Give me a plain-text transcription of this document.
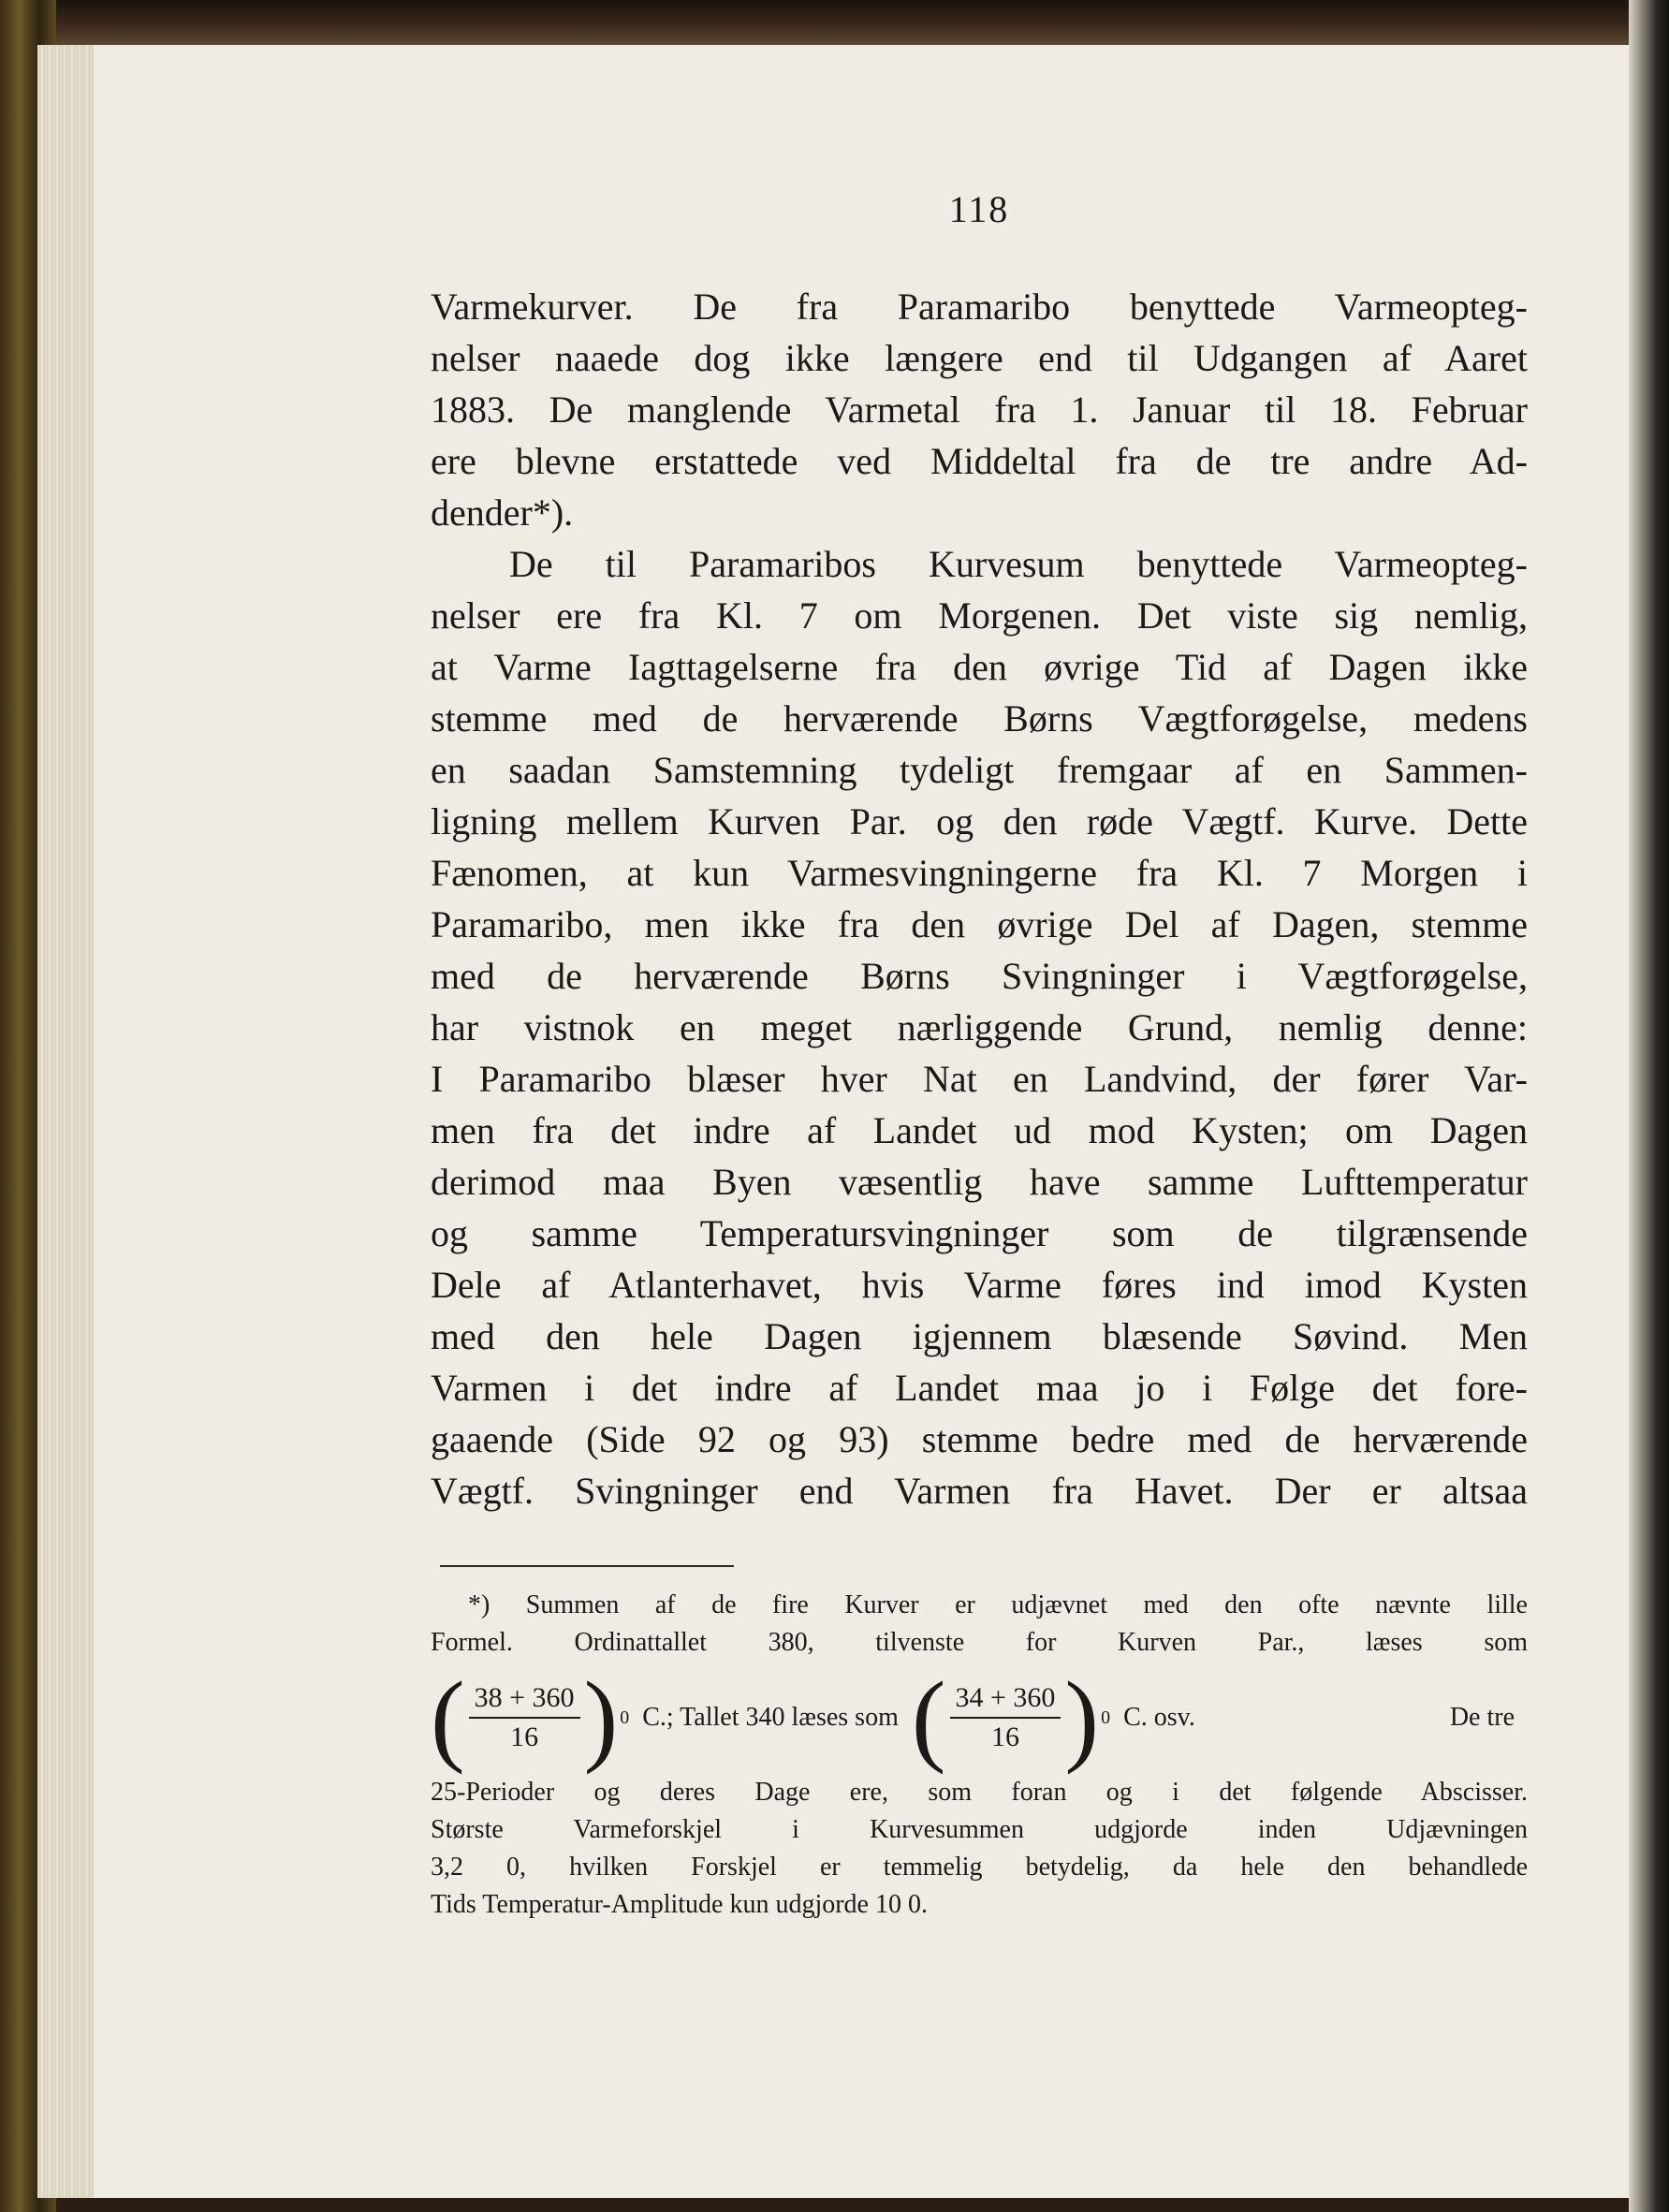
118
Varmekurver. De fra Paramaribo benyttede Varmeopteg-
nelser naaede dog ikke længere end til Udgangen af Aaret
1883. De manglende Varmetal fra 1. Januar til 18. Februar
ere blevne erstattede ved Middeltal fra de tre andre Ad-
dender*).
De til Paramaribos Kurvesum benyttede Varmeopteg-
nelser ere fra Kl. 7 om Morgenen. Det viste sig nemlig,
at Varme Iagttagelserne fra den øvrige Tid af Dagen ikke
stemme med de herværende Børns Vægtforøgelse, medens
en saadan Samstemning tydeligt fremgaar af en Sammen-
ligning mellem Kurven Par. og den røde Vægtf. Kurve. Dette
Fænomen, at kun Varmesvingningerne fra Kl. 7 Morgen i
Paramaribo, men ikke fra den øvrige Del af Dagen, stemme
med de herværende Børns Svingninger i Vægtforøgelse,
har vistnok en meget nærliggende Grund, nemlig denne:
I Paramaribo blæser hver Nat en Landvind, der fører Var-
men fra det indre af Landet ud mod Kysten; om Dagen
derimod maa Byen væsentlig have samme Lufttemperatur
og samme Temperatursvingninger som de tilgrænsende
Dele af Atlanterhavet, hvis Varme føres ind imod Kysten
med den hele Dagen igjennem blæsende Søvind. Men
Varmen i det indre af Landet maa jo i Følge det fore-
gaaende (Side 92 og 93) stemme bedre med de herværende
Vægtf. Svingninger end Varmen fra Havet. Der er altsaa
*) Summen af de fire Kurver er udjævnet med den ofte nævnte lille
Formel. Ordinattallet 380, tilvenste for Kurven Par., læses som
( $\frac{38 + 360}{16}$ ) 0 C.; Tallet 340 læses som ( $\frac{34 + 360}{16}$ ) 0 C. osv.	De tre
25-Perioder og deres Dage ere, som foran og i det følgende Abscisser.
Største Varmeforskjel i Kurvesummen udgjorde inden Udjævningen
3,2 0, hvilken Forskjel er temmelig betydelig, da hele den behandlede
Tids Temperatur-Amplitude kun udgjorde 10 0.
